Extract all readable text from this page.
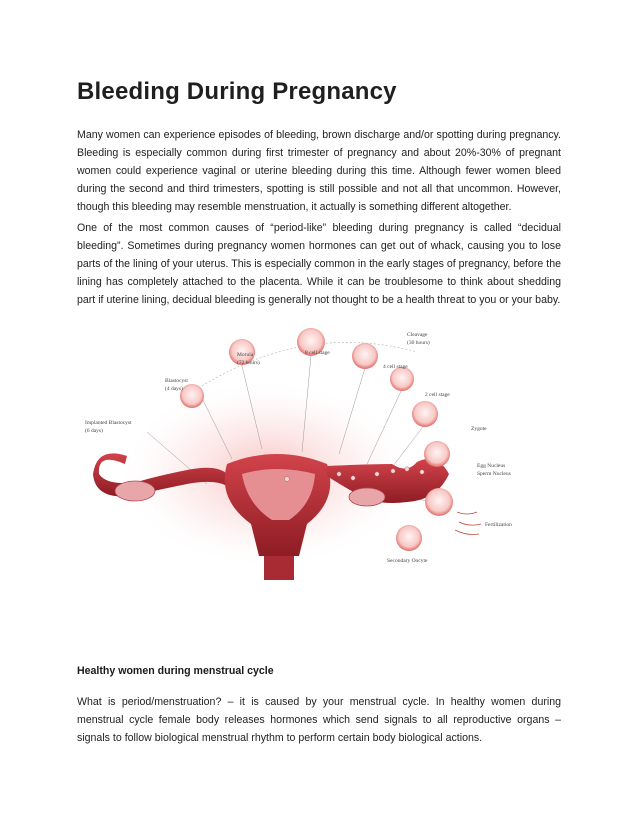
Bleeding During Pregnancy

Many women can experience episodes of bleeding, brown discharge and/or spotting during pregnancy. Bleeding is especially common during first trimester of pregnancy and about 20%-30% of pregnant women could experience vaginal or uterine bleeding during this time. Although fewer women bleed during the second and third trimesters, spotting is still possible and not all that uncommon. However, though this bleeding may resemble menstruation, it actually is something different altogether.

One of the most common causes of “period-like” bleeding during pregnancy is called “decidual bleeding”. Sometimes during pregnancy women hormones can get out of whack, causing you to lose parts of the lining of your uterus. This is especially common in the early stages of pregnancy, before the lining has completely attached to the placenta. While it can be troublesome to think about shedding part if uterine lining, decidual bleeding is generally not thought to be a health threat to you or your baby.

Cleavage
(30 hours)
Morula
(72 hours)
8 cell stage
4 cell stage
2 cell stage
Blastocyst
(4 days)
Implanted Blastocyst
(6 days)	Zygote
Egg Nucleus
Sperm Nucleus
Fertilization
Secondary Oocyte
Healthy women during menstrual cycle

What is period/menstruation? – it is caused by your menstrual cycle. In healthy women during menstrual cycle female body releases hormones which send signals to all reproductive organs – signals to follow biological menstrual rhythm to perform certain body biological actions.
